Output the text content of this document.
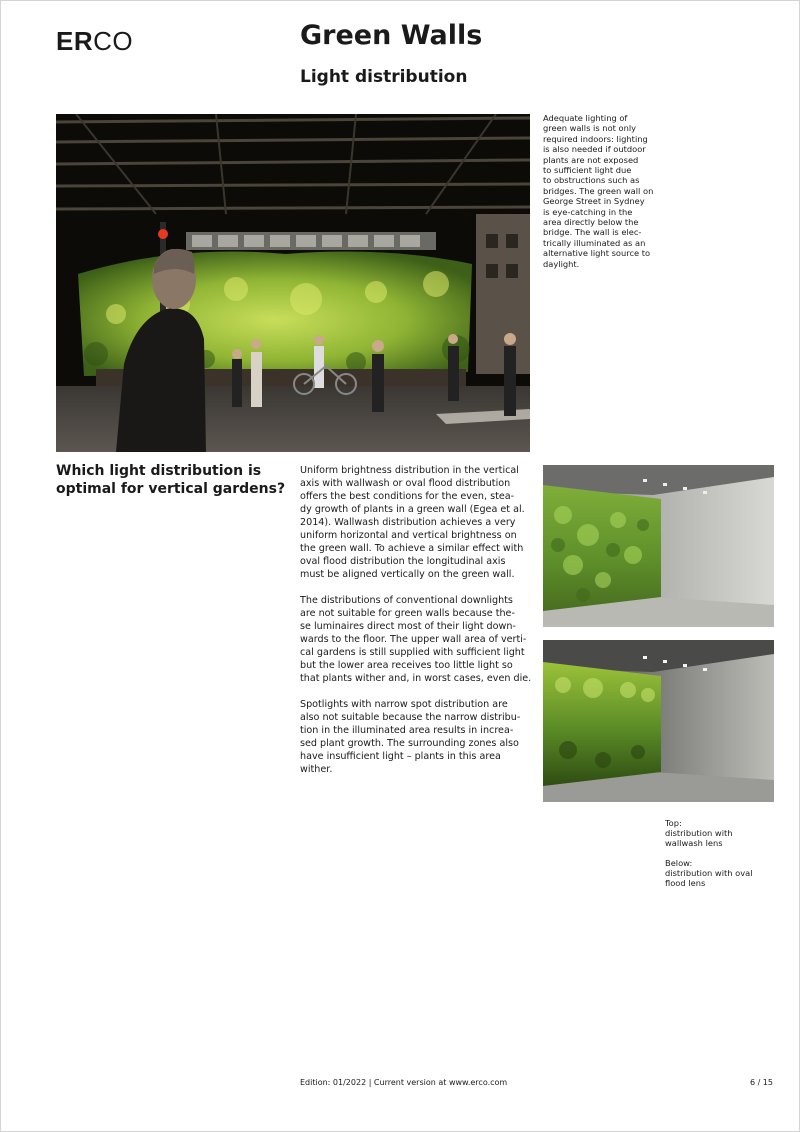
ERCO	Green Walls
Light distribution
Adequate lighting of
green walls is not only
required indoors: lighting
is also needed if outdoor
plants are not exposed
to sufficient light due
to obstructions such as
bridges. The green wall on
George Street in Sydney
is eye-catching in the
area directly below the
bridge. The wall is elec-
trically illuminated as an
alternative light source to
daylight.
Which light distribution is
optimal for vertical gardens?

Uniform brightness distribution in the vertical
axis with wallwash or oval flood distribution
offers the best conditions for the even, stea-
dy growth of plants in a green wall (Egea et al.
2014). Wallwash distribution achieves a very
uniform horizontal and vertical brightness on
the green wall. To achieve a similar effect with
oval flood distribution the longitudinal axis
must be aligned vertically on the green wall.

The distributions of conventional downlights
are not suitable for green walls because the-
se luminaires direct most of their light down-
wards to the floor. The upper wall area of verti-
cal gardens is still supplied with sufficient light
but the lower area receives too little light so
that plants wither and, in worst cases, even die.

Spotlights with narrow spot distribution are
also not suitable because the narrow distribu-
tion in the illuminated area results in increa-
sed plant growth. The surrounding zones also
have insufficient light – plants in this area
wither.

Top:
distribution with
wallwash lens

Below:
distribution with oval
flood lens

Edition: 01/2022 | Current version at www.erco.com	6 / 15
